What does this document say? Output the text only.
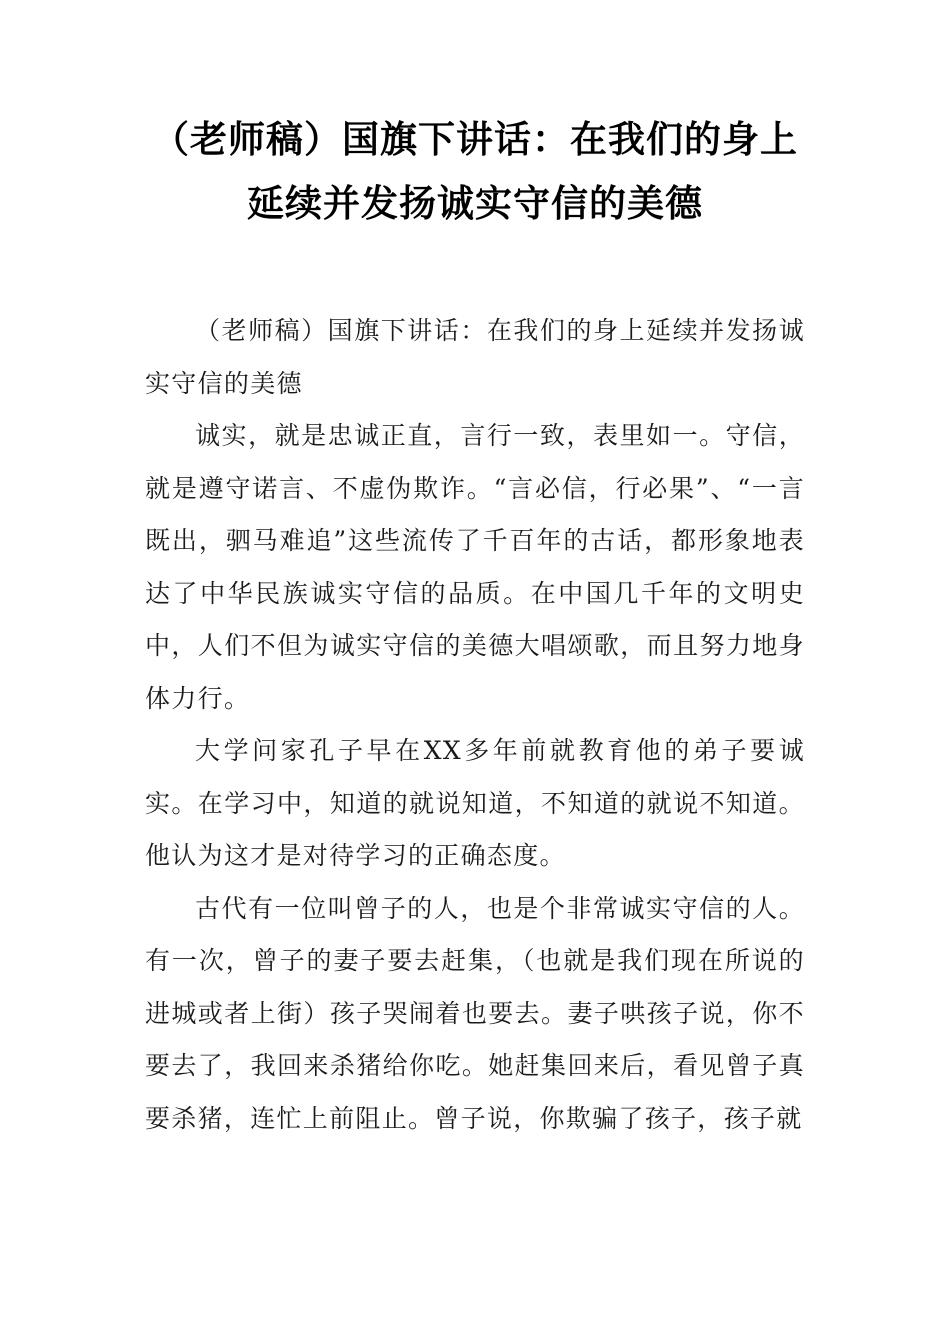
（老师稿）国旗下讲话：在我们的身上
延续并发扬诚实守信的美德

（老师稿）国旗下讲话：在我们的身上延续并发扬诚实守信的美德

诚实，就是忠诚正直，言行一致，表里如一。守信，就是遵守诺言、不虚伪欺诈。“言必信，行必果”、“一言既出，驷马难追”这些流传了千百年的古话，都形象地表达了中华民族诚实守信的品质。在中国几千年的文明史中，人们不但为诚实守信的美德大唱颂歌，而且努力地身体力行。

大学问家孔子早在XX多年前就教育他的弟子要诚实。在学习中，知道的就说知道，不知道的就说不知道。他认为这才是对待学习的正确态度。

古代有一位叫曾子的人，也是个非常诚实守信的人。有一次，曾子的妻子要去赶集，（也就是我们现在所说的进城或者上街）孩子哭闹着也要去。妻子哄孩子说，你不要去了，我回来杀猪给你吃。她赶集回来后，看见曾子真要杀猪，连忙上前阻止。曾子说，你欺骗了孩子，孩子就
